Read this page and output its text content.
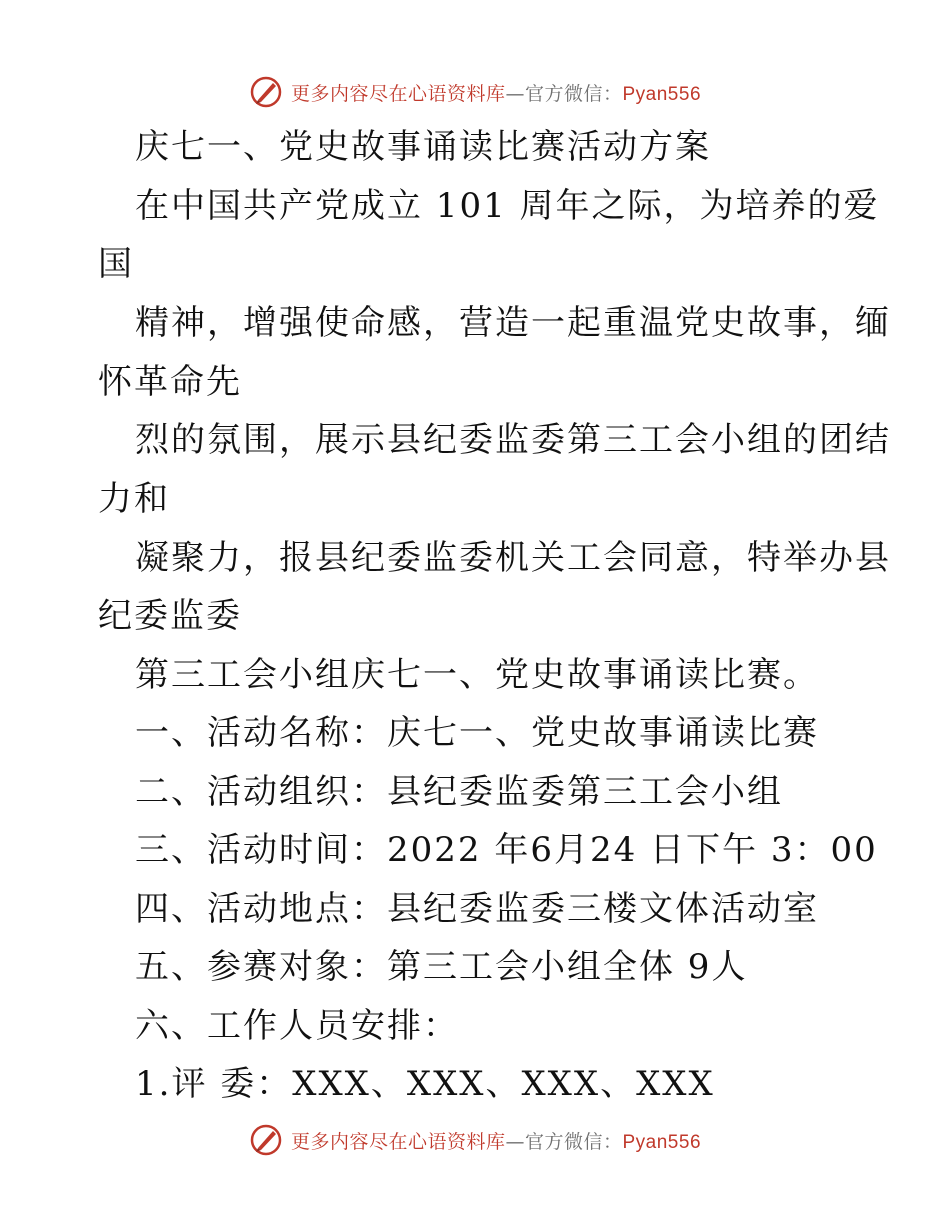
更多内容尽在心语资料库—官方微信：Pyan556
庆七一、党史故事诵读比赛活动方案
在中国共产党成立 101 周年之际，为培养的爱
国
精神，增强使命感，营造一起重温党史故事，缅
怀革命先
烈的氛围，展示县纪委监委第三工会小组的团结
力和
凝聚力，报县纪委监委机关工会同意，特举办县
纪委监委
第三工会小组庆七一、党史故事诵读比赛。
一、活动名称：庆七一、党史故事诵读比赛
二、活动组织：县纪委监委第三工会小组
三、活动时间：2022 年6月24 日下午 3：00
四、活动地点：县纪委监委三楼文体活动室
五、参赛对象：第三工会小组全体 9人
六、工作人员安排：
1.评 委：XXX、XXX、XXX、XXX
更多内容尽在心语资料库—官方微信：Pyan556
